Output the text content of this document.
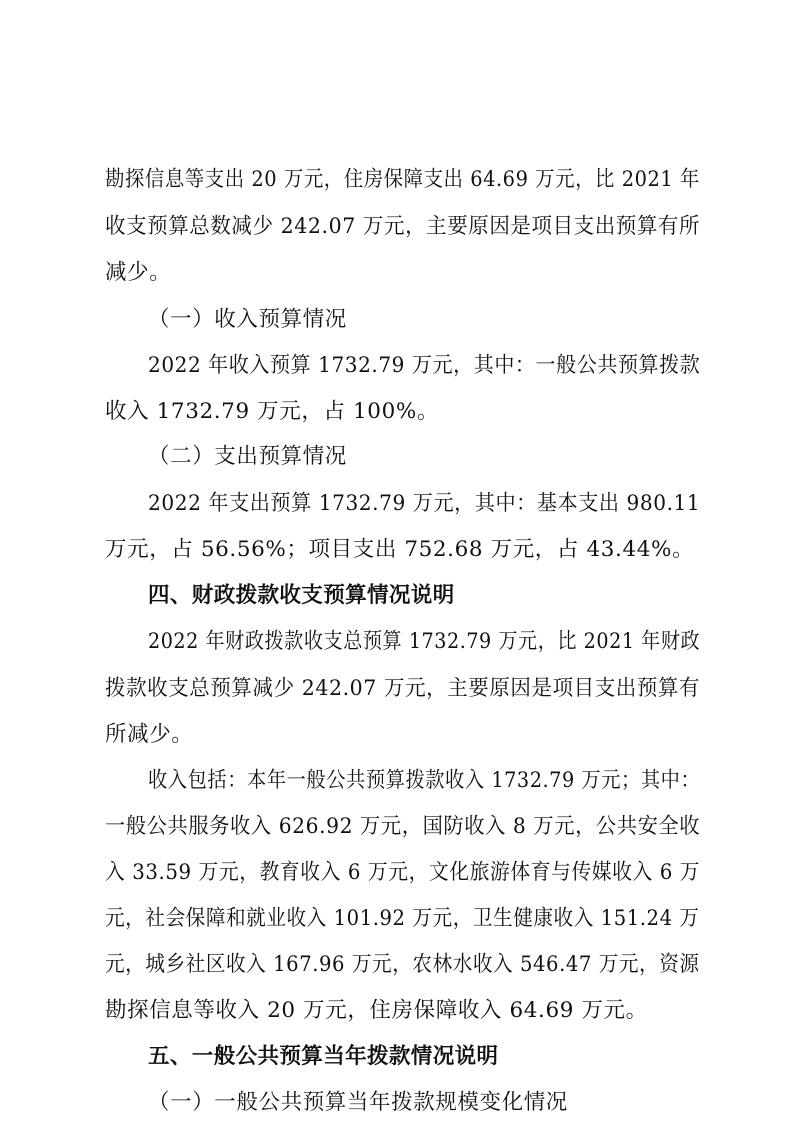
勘探信息等支出 20 万元，住房保障支出 64.69 万元，比 2021 年
收支预算总数减少 242.07 万元，主要原因是项目支出预算有所
减少。
（一）收入预算情况
2022 年收入预算 1732.79 万元，其中：一般公共预算拨款
收入 1732.79 万元，占 100%。
（二）支出预算情况
2022 年支出预算 1732.79 万元，其中：基本支出 980.11
万元，占 56.56%；项目支出 752.68 万元，占 43.44%。
四、财政拨款收支预算情况说明
2022 年财政拨款收支总预算 1732.79 万元，比 2021 年财政
拨款收支总预算减少 242.07 万元，主要原因是项目支出预算有
所减少。
收入包括：本年一般公共预算拨款收入 1732.79 万元；其中：
一般公共服务收入 626.92 万元，国防收入 8 万元，公共安全收
入 33.59 万元，教育收入 6 万元，文化旅游体育与传媒收入 6 万
元，社会保障和就业收入 101.92 万元，卫生健康收入 151.24 万
元，城乡社区收入 167.96 万元，农林水收入 546.47 万元，资源
勘探信息等收入 20 万元，住房保障收入 64.69 万元。
五、一般公共预算当年拨款情况说明
（一）一般公共预算当年拨款规模变化情况
